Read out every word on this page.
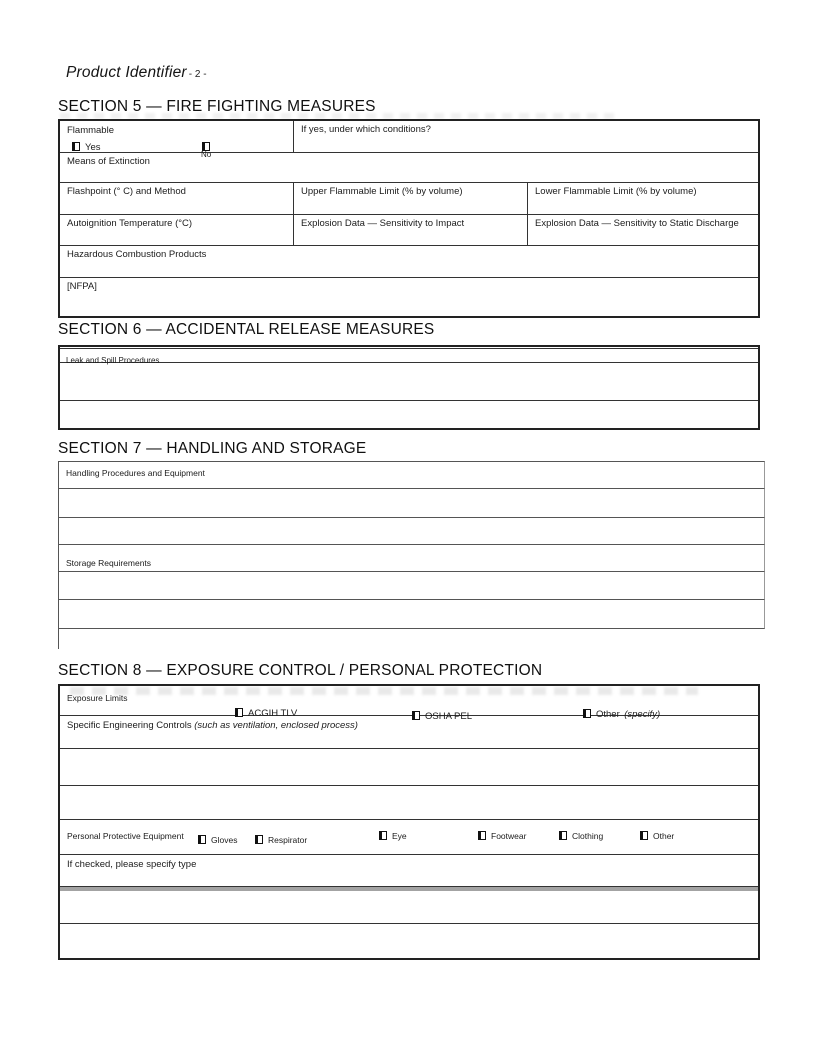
Product Identifier - 2 -
SECTION 5 — FIRE FIGHTING MEASURES
Flammable
Yes
No
If yes, under which conditions?
Means of Extinction
Flashpoint (° C) and Method	Upper Flammable Limit (% by volume)	Lower Flammable Limit (% by volume)
Autoignition Temperature (°C)	Explosion Data — Sensitivity to Impact	Explosion Data — Sensitivity to Static Discharge
Hazardous Combustion Products
[NFPA]
SECTION 6 — ACCIDENTAL RELEASE MEASURES
Leak and Spill Procedures
SECTION 7 — HANDLING AND STORAGE
Handling Procedures and Equipment
Storage Requirements
SECTION 8 — EXPOSURE CONTROL / PERSONAL PROTECTION
Exposure Limits
ACGIH TLV	OSHA PEL	Other (specify)
Specific Engineering Controls (such as ventilation, enclosed process)
Personal Protective Equipment	Gloves	Respirator	Eye	Footwear	Clothing	Other
If checked, please specify type
